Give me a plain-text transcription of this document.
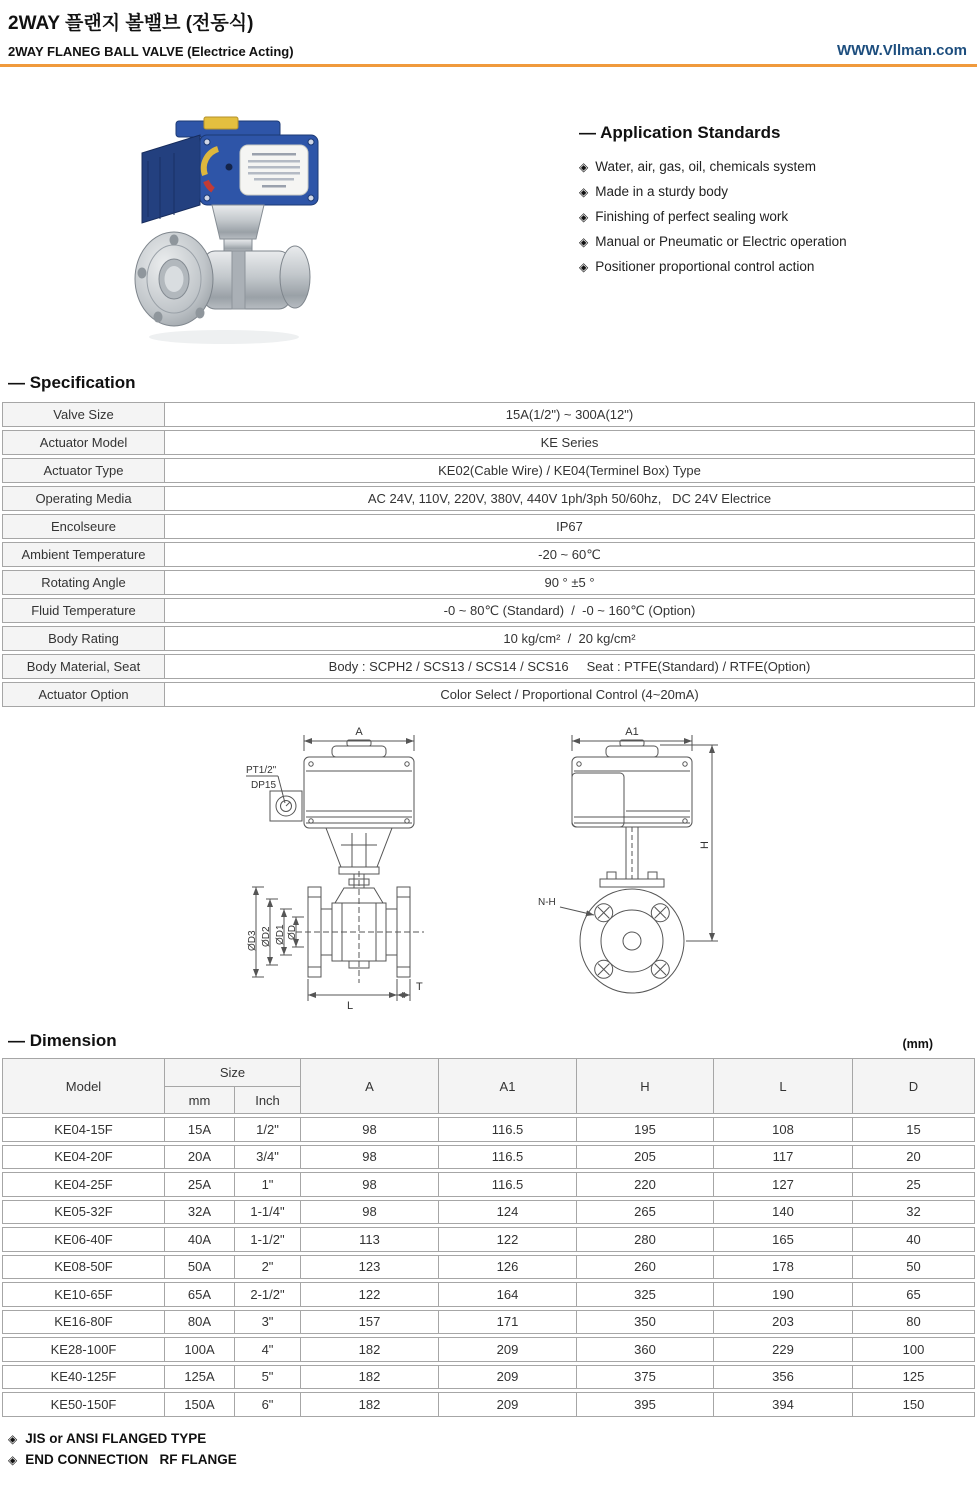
2WAY 플랜지 볼밸브 (전동식)
2WAY FLANEG BALL VALVE (Electrice Acting)	WWW.Vllman.com
— Application Standards
◈ Water, air, gas, oil, chemicals system
◈ Made in a sturdy body
◈ Finishing of perfect sealing work
◈ Manual or Pneumatic or Electric operation
◈ Positioner proportional control action
— Specification
Valve Size	15A(1/2") ~ 300A(12")
Actuator Model	KE Series
Actuator Type	KE02(Cable Wire) / KE04(Terminel Box) Type
Operating Media	AC 24V, 110V, 220V, 380V, 440V 1ph/3ph 50/60hz,   DC 24V Electrice
Encolseure	IP67
Ambient Temperature	-20 ~ 60℃
Rotating Angle	90 ° ±5 °
Fluid Temperature	-0 ~ 80℃ (Standard)  /  -0 ~ 160℃ (Option)
Body Rating	10 kg/cm²  /  20 kg/cm²
Body Material, Seat	Body : SCPH2 / SCS13 / SCS14 / SCS16     Seat : PTFE(Standard) / RTFE(Option)
Actuator Option	Color Select / Proportional Control (4~20mA)
A
PT1/2"
DP15
ØD3 ØD2 ØD1 ØD
L
T
A1
N-H
H
— Dimension	(mm)
Model
Size
mm	Inch
A	A1	H	L	D
KE04-15F	15A	1/2"	98	116.5	195	108	15
KE04-20F	20A	3/4"	98	116.5	205	117	20
KE04-25F	25A	1"	98	116.5	220	127	25
KE05-32F	32A	1-1/4"	98	124	265	140	32
KE06-40F	40A	1-1/2"	113	122	280	165	40
KE08-50F	50A	2"	123	126	260	178	50
KE10-65F	65A	2-1/2"	122	164	325	190	65
KE16-80F	80A	3"	157	171	350	203	80
KE28-100F	100A	4"	182	209	360	229	100
KE40-125F	125A	5"	182	209	375	356	125
KE50-150F	150A	6"	182	209	395	394	150
◈ JIS or ANSI FLANGED TYPE
◈ END CONNECTION   RF FLANGE
